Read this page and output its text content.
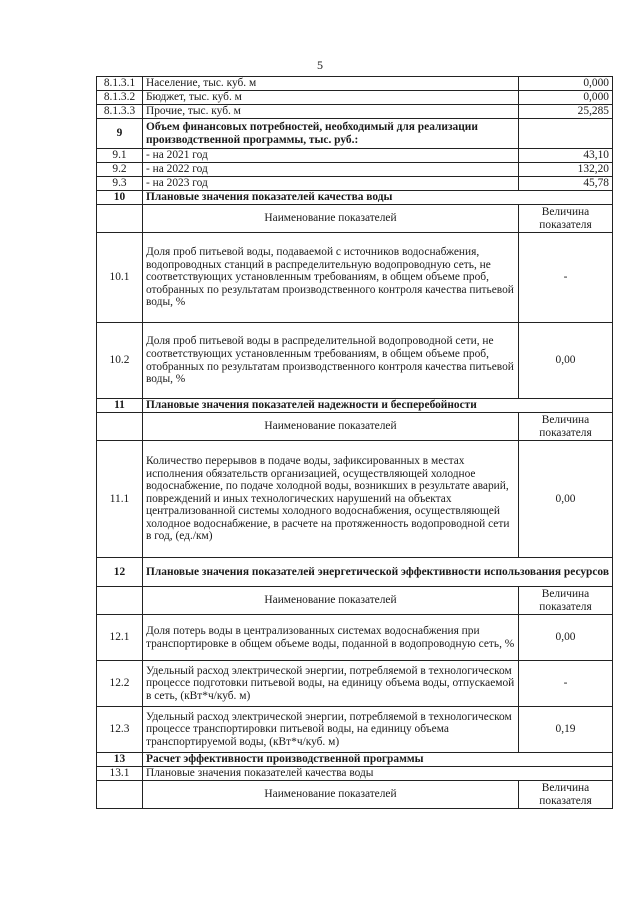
5
8.1.3.1	Население, тыс. куб. м	0,000
8.1.3.2	Бюджет, тыс. куб. м	0,000
8.1.3.3	Прочие, тыс. куб. м	25,285
9	Объем финансовых потребностей, необходимый для реализации производственной программы, тыс. руб.:	
9.1	- на 2021 год	43,10
9.2	- на 2022 год	132,20
9.3	- на 2023 год	45,78
10	Плановые значения показателей качества воды	
	Наименование показателей	Величина показателя
10.1	Доля проб питьевой воды, подаваемой с источников водоснабжения, водопроводных станций в распределительную водопроводную сеть, не соответствующих установленным требованиям, в общем объеме проб, отобранных по результатам производственного контроля качества питьевой воды, %	-
10.2	Доля проб питьевой воды в распределительной водопроводной сети, не соответствующих установленным требованиям, в общем объеме проб, отобранных по результатам производственного контроля качества питьевой воды, %	0,00
11	Плановые значения показателей надежности и бесперебойности	
	Наименование показателей	Величина показателя
11.1	Количество перерывов в подаче воды, зафиксированных в местах исполнения обязательств организацией, осуществляющей холодное водоснабжение, по подаче холодной воды, возникших в результате аварий, повреждений и иных технологических нарушений на объектах централизованной системы холодного водоснабжения, осуществляющей холодное водоснабжение, в расчете на протяженность водопроводной сети в год, (ед./км)	0,00
12	Плановые значения показателей энергетической эффективности использования ресурсов	
	Наименование показателей	Величина показателя
12.1	Доля потерь воды в централизованных системах водоснабжения при транспортировке в общем объеме воды, поданной в водопроводную сеть, %	0,00
12.2	Удельный расход электрической энергии, потребляемой в технологическом процессе подготовки питьевой воды, на единицу объема воды, отпускаемой в сеть, (кВт*ч/куб. м)	-
12.3	Удельный расход электрической энергии, потребляемой в технологическом процессе транспортировки питьевой воды, на единицу объема транспортируемой воды, (кВт*ч/куб. м)	0,19
13	Расчет эффективности производственной программы	
13.1	Плановые значения показателей качества воды	
	Наименование показателей	Величина показателя
